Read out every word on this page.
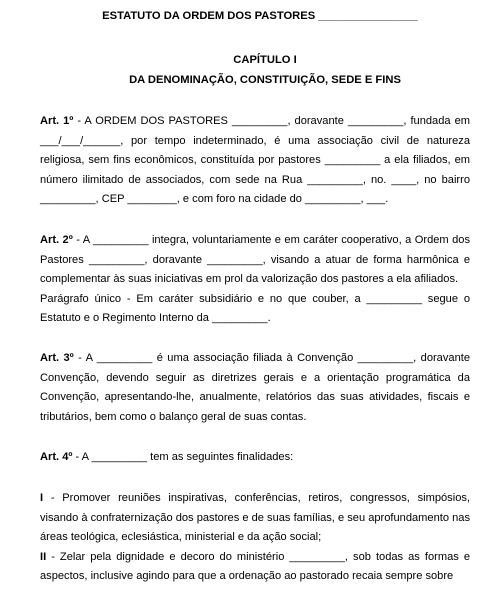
ESTATUTO DA ORDEM DOS PASTORES ________________
CAPÍTULO I
DA DENOMINAÇÃO, CONSTITUIÇÃO, SEDE E FINS

Art. 1º - A ORDEM DOS PASTORES _________, doravante _________, fundada em ___/___/______, por tempo indeterminado, é uma associação civil de natureza religiosa, sem fins econômicos, constituída por pastores _________ a ela filiados, em número ilimitado de associados, com sede na Rua _________, no. ____, no bairro _________, CEP ________, e com foro na cidade do _________, ___.

Art. 2º - A _________ integra, voluntariamente e em caráter cooperativo, a Ordem dos Pastores _________, doravante _________, visando a atuar de forma harmônica e complementar às suas iniciativas em prol da valorização dos pastores a ela afiliados.

Parágrafo único - Em caráter subsidiário e no que couber, a _________ segue o Estatuto e o Regimento Interno da _________.

Art. 3º - A _________ é uma associação filiada à Convenção _________, doravante Convenção, devendo seguir as diretrizes gerais e a orientação programática da Convenção, apresentando-lhe, anualmente, relatórios das suas atividades, fiscais e tributários, bem como o balanço geral de suas contas.

Art. 4º - A _________ tem as seguintes finalidades:

I - Promover reuniões inspirativas, conferências, retiros, congressos, simpósios, visando à confraternização dos pastores e de suas famílias, e seu aprofundamento nas áreas teológica, eclesiástica, ministerial e da ação social;

II - Zelar pela dignidade e decoro do ministério _________, sob todas as formas e aspectos, inclusive agindo para que a ordenação ao pastorado recaia sempre sobre
